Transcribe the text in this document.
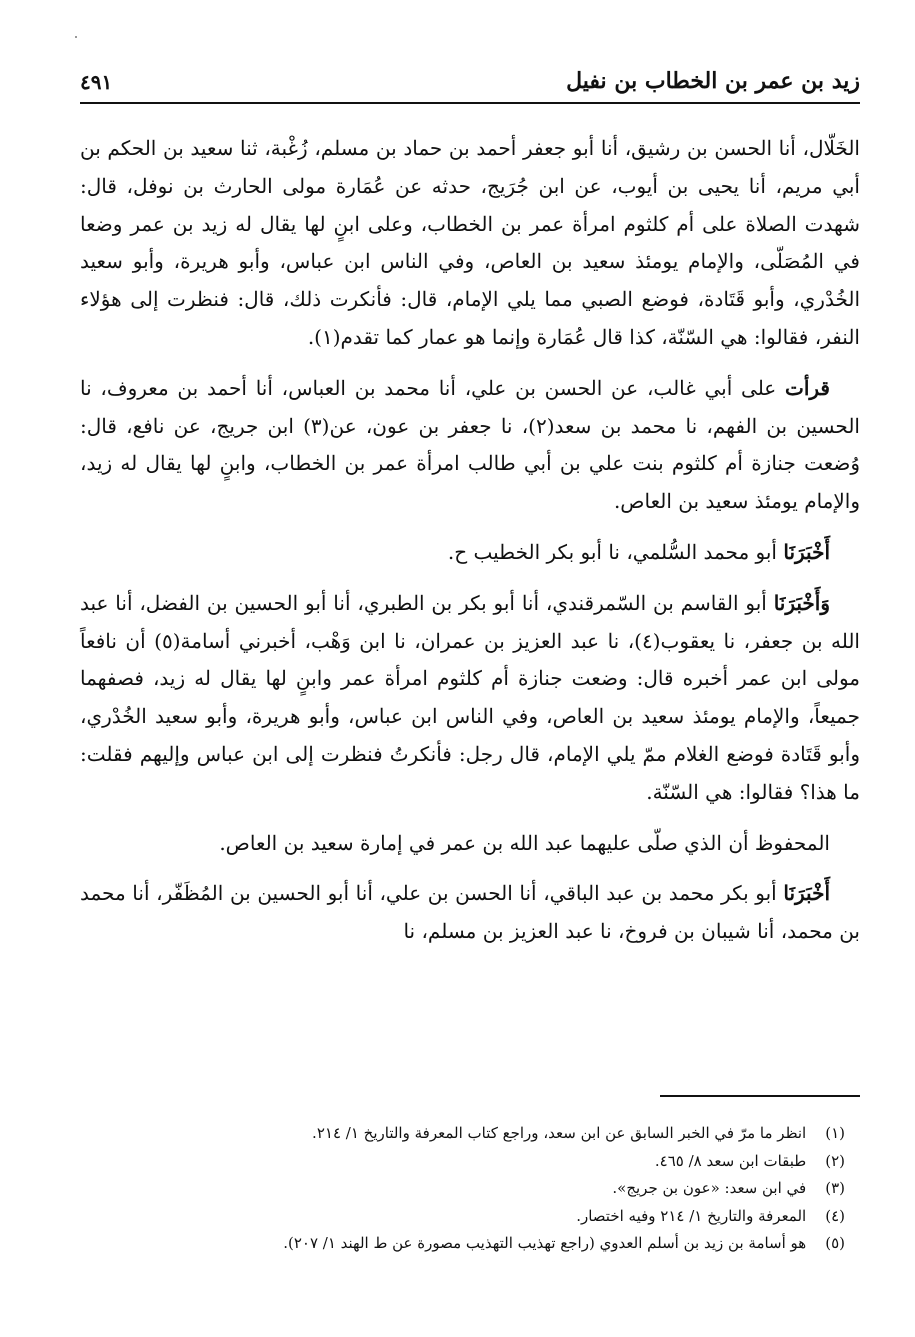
زيد بن عمر بن الخطاب بن نفيل
٤٩١

الخَلّال، أنا الحسن بن رشيق، أنا أبو جعفر أحمد بن حماد بن مسلم، زُغْبة، ثنا سعيد بن الحكم بن أبي مريم، أنا يحيى بن أيوب، عن ابن جُرَيج، حدثه عن عُمَارة مولى الحارث بن نوفل، قال: شهدت الصلاة على أم كلثوم امرأة عمر بن الخطاب، وعلى ابنٍ لها يقال له زيد بن عمر وضعا في المُصَلّى، والإمام يومئذ سعيد بن العاص، وفي الناس ابن عباس، وأبو هريرة، وأبو سعيد الخُدْري، وأبو قَتَادة، فوضع الصبي مما يلي الإمام، قال: فأنكرت ذلك، قال: فنظرت إلى هؤلاء النفر، فقالوا: هي السّنّة، كذا قال عُمَارة وإنما هو عمار كما تقدم(١).

قرأت على أبي غالب، عن الحسن بن علي، أنا محمد بن العباس، أنا أحمد بن معروف، نا الحسين بن الفهم، نا محمد بن سعد(٢)، نا جعفر بن عون، عن(٣) ابن جريج، عن نافع، قال: وُضعت جنازة أم كلثوم بنت علي بن أبي طالب امرأة عمر بن الخطاب، وابنٍ لها يقال له زيد، والإمام يومئذ سعيد بن العاص.

أَخْبَرَنَا أبو محمد السُّلمي، نا أبو بكر الخطيب ح.

وَأَخْبَرَنَا أبو القاسم بن السّمرقندي، أنا أبو بكر بن الطبري، أنا أبو الحسين بن الفضل، أنا عبد الله بن جعفر، نا يعقوب(٤)، نا عبد العزيز بن عمران، نا ابن وَهْب، أخبرني أسامة(٥) أن نافعاً مولى ابن عمر أخبره قال: وضعت جنازة أم كلثوم امرأة عمر وابنٍ لها يقال له زيد، فصفهما جميعاً، والإمام يومئذ سعيد بن العاص، وفي الناس ابن عباس، وأبو هريرة، وأبو سعيد الخُدْري، وأبو قَتَادة فوضع الغلام ممّ يلي الإمام، قال رجل: فأنكرتُ فنظرت إلى ابن عباس وإليهم فقلت: ما هذا؟ فقالوا: هي السّنّة.

المحفوظ أن الذي صلّى عليهما عبد الله بن عمر في إمارة سعيد بن العاص.

أَخْبَرَنَا أبو بكر محمد بن عبد الباقي، أنا الحسن بن علي، أنا أبو الحسين بن المُظَفّر، أنا محمد بن محمد، أنا شيبان بن فروخ، نا عبد العزيز بن مسلم، نا

(١) انظر ما مرّ في الخبر السابق عن ابن سعد، وراجع كتاب المعرفة والتاريخ ١/ ٢١٤.

(٢) طبقات ابن سعد ٨/ ٤٦٥.

(٣) في ابن سعد: «عون بن جريج».

(٤) المعرفة والتاريخ ١/ ٢١٤ وفيه اختصار.

(٥) هو أسامة بن زيد بن أسلم العدوي (راجع تهذيب التهذيب مصورة عن ط الهند ١/ ٢٠٧).
